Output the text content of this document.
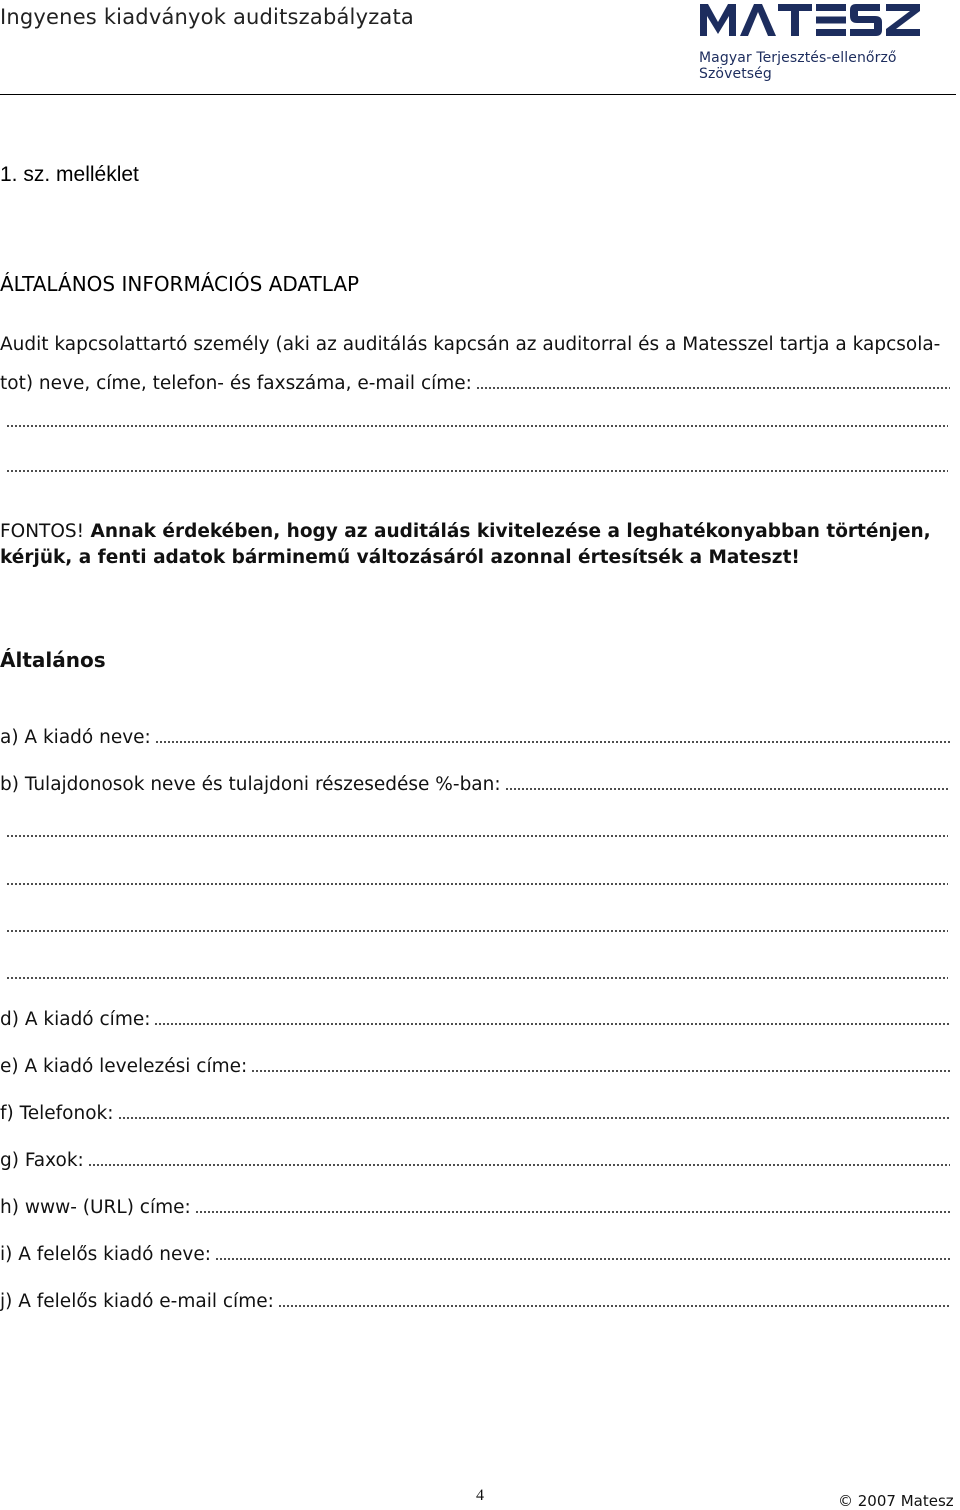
Ingyenes kiadványok auditszabályzata
Magyar Terjesztés-ellenőrző Szövetség
1. sz. melléklet
ÁLTALÁNOS INFORMÁCIÓS ADATLAP
Audit kapcsolattartó személy (aki az auditálás kapcsán az auditorral és a Matesszel tartja a kapcsola-
tot) neve, címe, telefon- és faxszáma, e-mail címe:
FONTOS! Annak érdekében, hogy az auditálás kivitelezése a leghatékonyabban történjen, kérjük, a fenti adatok bárminemű változásáról azonnal értesítsék a Mateszt!
Általános
a) A kiadó neve:
b) Tulajdonosok neve és tulajdoni részesedése %-ban:
d) A kiadó címe:
e) A kiadó levelezési címe:
f) Telefonok:
g) Faxok:
h) www- (URL) címe:
i) A felelős kiadó neve:
j) A felelős kiadó e-mail címe:
4	© 2007 Matesz
